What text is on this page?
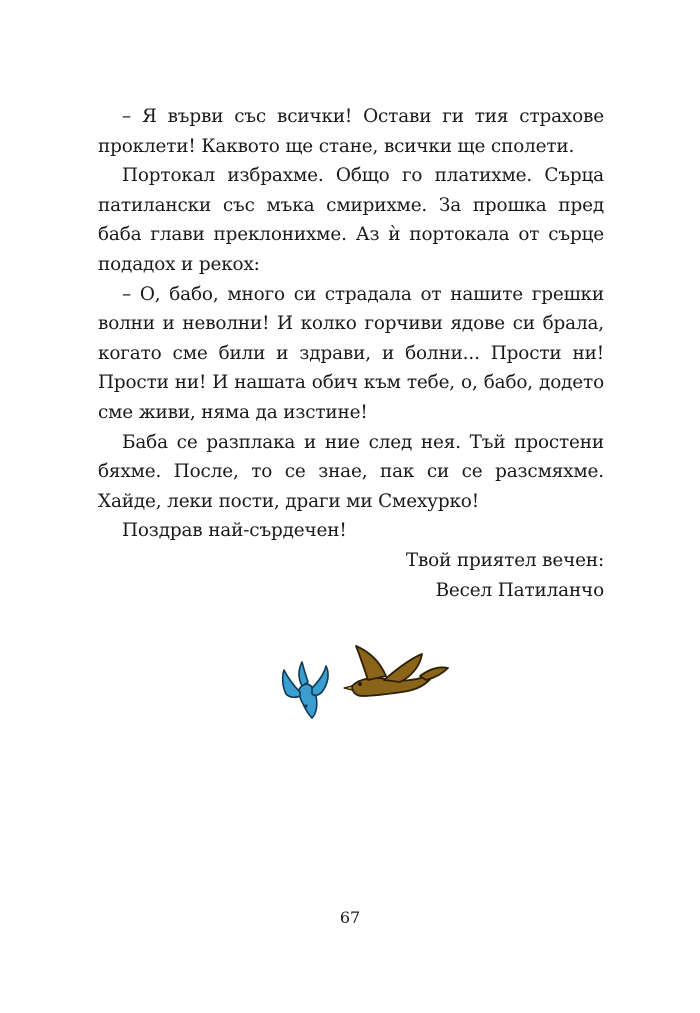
– Я върви със всички! Остави ги тия страхове проклети! Каквото ще стане, всички ще сполети.

Портокал избрахме. Общо го платихме. Сърца патилански със мъка смирихме. За прошка пред баба глави преклонихме. Аз ѝ портокала от сърце подадох и рекох:

– О, бабо, много си страдала от нашите грешки волни и неволни! И колко горчиви ядове си брала, когато сме били и здрави, и болни... Прости ни! Прости ни! И нашата обич към тебе, о, бабо, додето сме живи, няма да изстине!

Баба се разплака и ние след нея. Тъй простени бяхме. После, то се знае, пак си се разсмяхме. Хайде, леки пости, драги ми Смехурко!

Поздрав най-сърдечен!

Твой приятел вечен:

Весел Патиланчо

67
